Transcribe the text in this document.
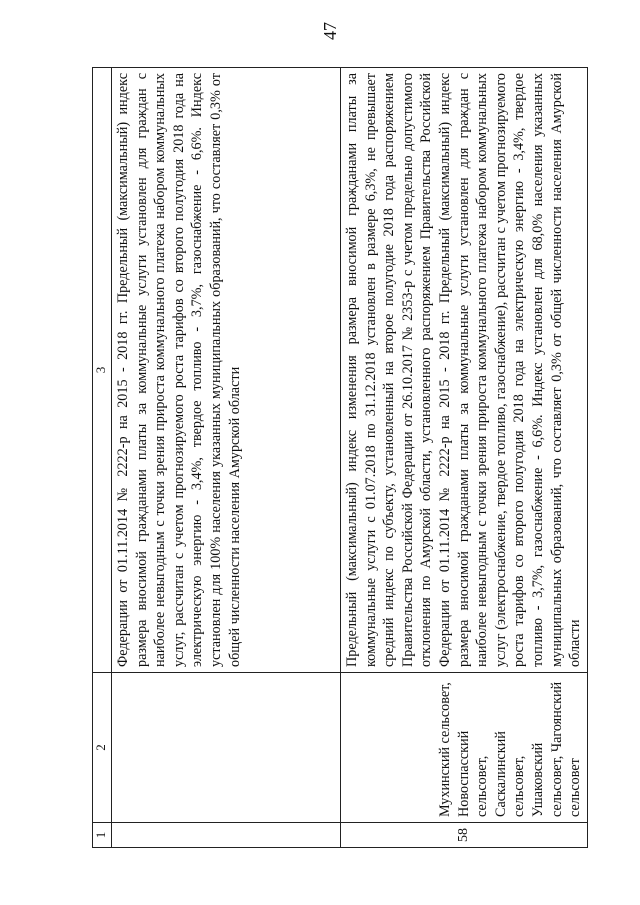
47
1	2	3
		Федерации от 01.11.2014 № 2222-р на 2015 - 2018 гг. Предельный (максимальный) индекс размера вносимой гражданами платы за коммунальные услуги установлен для граждан с наиболее невыгодным с точки зрения прироста коммунального платежа набором коммунальных услуг, рассчитан с учетом прогнозируемого роста тарифов со второго полугодия 2018 года на электрическую энергию - 3,4%, твердое топливо - 3,7%, газоснабжение - 6,6%. Индекс установлен для 100% населения указанных муниципальных образований, что составляет 0,3% от общей численности населения Амурской области
58	Мухинский сельсовет, Новоспасский сельсовет, Саскалинский сельсовет, Ушаковский сельсовет, Чагоянский сельсовет	Предельный (максимальный) индекс изменения размера вносимой гражданами платы за коммунальные услуги с 01.07.2018 по 31.12.2018 установлен в размере 6,3%, не превышает средний индекс по субъекту, установленный на второе полугодие 2018 года распоряжением Правительства Российской Федерации от 26.10.2017 № 2353-р с учетом предельно допустимого отклонения по Амурской области, установленного распоряжением Правительства Российской Федерации от 01.11.2014 № 2222-р на 2015 - 2018 гг. Предельный (максимальный) индекс размера вносимой гражданами платы за коммунальные услуги установлен для граждан с наиболее невыгодным с точки зрения прироста коммунального платежа набором коммунальных услуг (электроснабжение, твердое топливо, газоснабжение), рассчитан с учетом прогнозируемого роста тарифов со второго полугодия 2018 года на электрическую энергию - 3,4%, твердое топливо - 3,7%, газоснабжение - 6,6%. Индекс установлен для 68,0% населения указанных муниципальных образований, что составляет 0,3% от общей численности населения Амурской области
